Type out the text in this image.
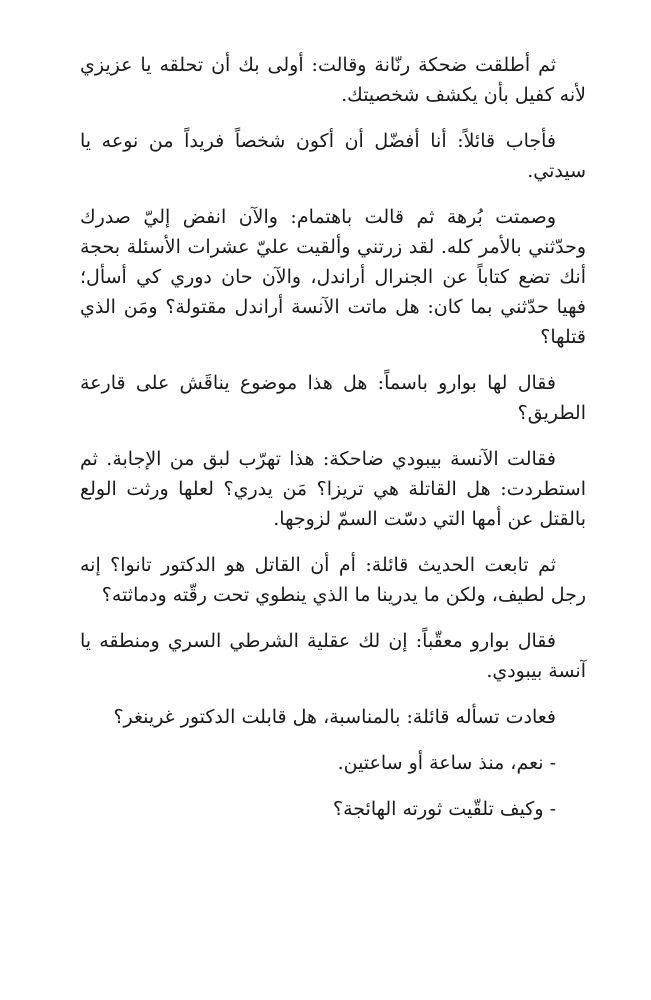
ثم أطلقت ضحكة رنّانة وقالت: أولى بك أن تحلقه يا عزيزي لأنه كفيل بأن يكشف شخصيتك.

فأجاب قائلاً: أنا أفضّل أن أكون شخصاً فريداً من نوعه يا سيدتي.

وصمتت بُرهة ثم قالت باهتمام: والآن انفض إليّ صدرك وحدّثني بالأمر كله. لقد زرتني وألقيت عليّ عشرات الأسئلة بحجة أنك تضع كتاباً عن الجنرال أراندل، والآن حان دوري كي أسأل؛ فهيا حدّثني بما كان: هل ماتت الآنسة أراندل مقتولة؟ ومَن الذي قتلها؟

فقال لها بوارو باسماً: هل هذا موضوع يناقَش على قارعة الطريق؟

فقالت الآنسة بيبودي ضاحكة: هذا تهرّب لبق من الإجابة. ثم استطردت: هل القاتلة هي تريزا؟ مَن يدري؟ لعلها ورثت الولع بالقتل عن أمها التي دسّت السمّ لزوجها.

ثم تابعت الحديث قائلة: أم أن القاتل هو الدكتور تانوا؟ إنه رجل لطيف، ولكن ما يدرينا ما الذي ينطوي تحت رقّته ودماثته؟

فقال بوارو معقّباً: إن لك عقلية الشرطي السري ومنطقه يا آنسة بيبودي.

فعادت تسأله قائلة: بالمناسبة، هل قابلت الدكتور غرينغر؟

- نعم، منذ ساعة أو ساعتين.

- وكيف تلقّيت ثورته الهائجة؟
